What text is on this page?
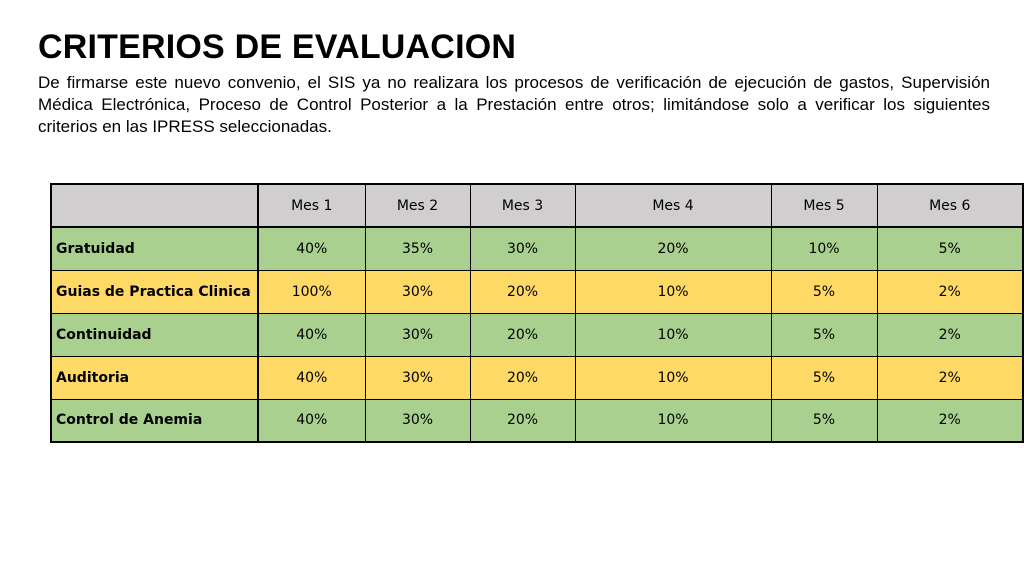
CRITERIOS DE EVALUACION

De firmarse este nuevo convenio, el SIS ya no realizara los procesos de verificación de ejecución de gastos, Supervisión Médica Electrónica, Proceso de Control Posterior a la Prestación entre otros; limitándose solo a verificar los siguientes criterios en las IPRESS seleccionadas.

	Mes 1	Mes 2	Mes 3	Mes 4	Mes 5	Mes 6
Gratuidad	40%	35%	30%	20%	10%	5%
Guias de Practica Clinica	100%	30%	20%	10%	5%	2%
Continuidad	40%	30%	20%	10%	5%	2%
Auditoria	40%	30%	20%	10%	5%	2%
Control de Anemia	40%	30%	20%	10%	5%	2%
